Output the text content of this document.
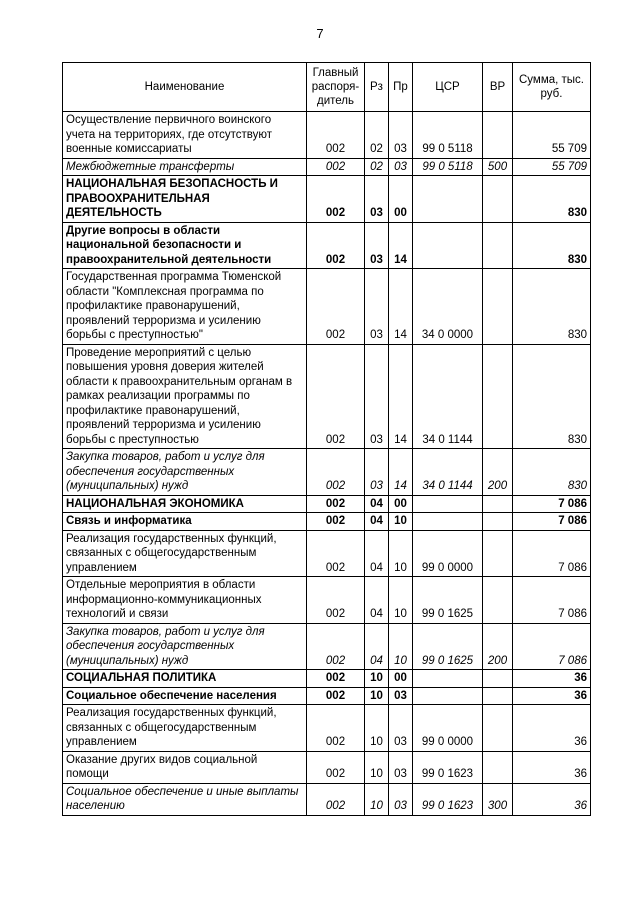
7
Наименование	Главный распоря-дитель	Рз	Пр	ЦСР	ВР	Сумма, тыс. руб.
Осуществление первичного воинского учета на территориях, где отсутствуют военные комиссариаты	002	02	03	99 0 5118		55 709
Межбюджетные трансферты	002	02	03	99 0 5118	500	55 709
НАЦИОНАЛЬНАЯ БЕЗОПАСНОСТЬ И ПРАВООХРАНИТЕЛЬНАЯ ДЕЯТЕЛЬНОСТЬ	002	03	00			830
Другие вопросы в области национальной безопасности и правоохранительной деятельности	002	03	14			830
Государственная программа Тюменской области "Комплексная программа по профилактике правонарушений, проявлений терроризма и усилению борьбы с преступностью"	002	03	14	34 0 0000		830
Проведение мероприятий с целью повышения уровня доверия жителей области к правоохранительным органам в рамках реализации программы по профилактике правонарушений, проявлений терроризма и усилению борьбы с преступностью	002	03	14	34 0 1144		830
Закупка товаров, работ и услуг для обеспечения государственных (муниципальных) нужд	002	03	14	34 0 1144	200	830
НАЦИОНАЛЬНАЯ ЭКОНОМИКА	002	04	00			7 086
Связь и информатика	002	04	10			7 086
Реализация государственных функций, связанных с общегосударственным управлением	002	04	10	99 0 0000		7 086
Отдельные мероприятия в области информационно-коммуникационных технологий и связи	002	04	10	99 0 1625		7 086
Закупка товаров, работ и услуг для обеспечения государственных (муниципальных) нужд	002	04	10	99 0 1625	200	7 086
СОЦИАЛЬНАЯ ПОЛИТИКА	002	10	00			36
Социальное обеспечение населения	002	10	03			36
Реализация государственных функций, связанных с общегосударственным управлением	002	10	03	99 0 0000		36
Оказание других видов социальной помощи	002	10	03	99 0 1623		36
Социальное обеспечение и иные выплаты населению	002	10	03	99 0 1623	300	36
